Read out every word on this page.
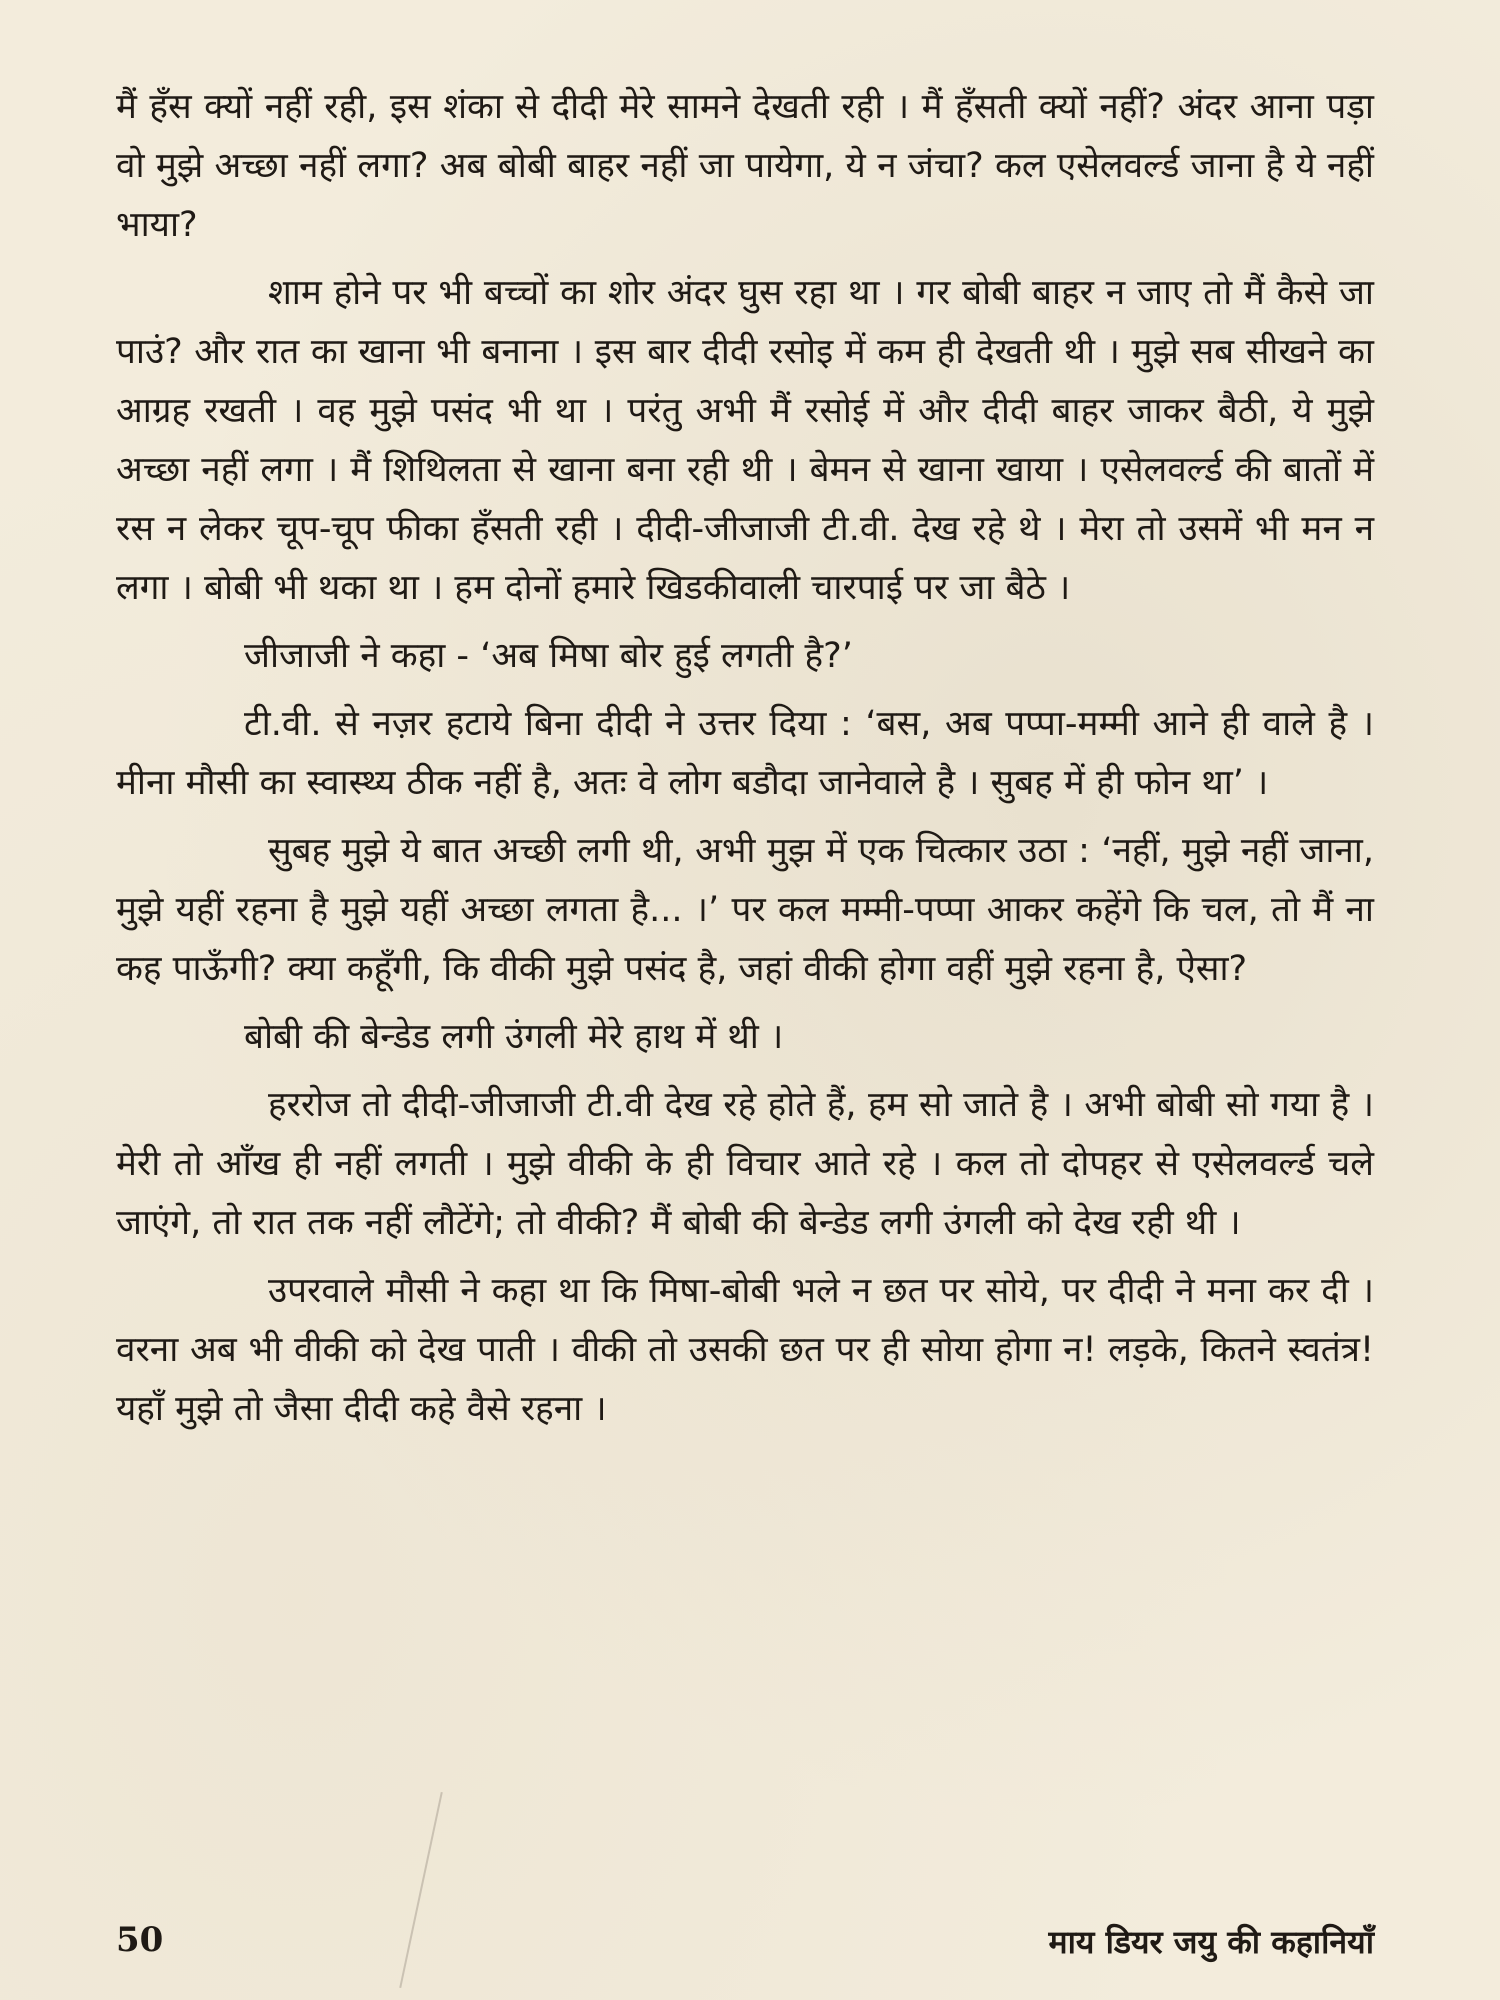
मैं हँस क्यों नहीं रही, इस शंका से दीदी मेरे सामने देखती रही । मैं हँसती क्यों नहीं? अंदर आना पड़ा वो मुझे अच्छा नहीं लगा? अब बोबी बाहर नहीं जा पायेगा, ये न जंचा? कल एसेलवर्ल्ड जाना है ये नहीं भाया?

शाम होने पर भी बच्चों का शोर अंदर घुस रहा था । गर बोबी बाहर न जाए तो मैं कैसे जा पाउं? और रात का खाना भी बनाना । इस बार दीदी रसोइ में कम ही देखती थी । मुझे सब सीखने का आग्रह रखती । वह मुझे पसंद भी था । परंतु अभी मैं रसोई में और दीदी बाहर जाकर बैठी, ये मुझे अच्छा नहीं लगा । मैं शिथिलता से खाना बना रही थी । बेमन से खाना खाया । एसेलवर्ल्ड की बातों में रस न लेकर चूप-चूप फीका हँसती रही । दीदी-जीजाजी टी.वी. देख रहे थे । मेरा तो उसमें भी मन न लगा । बोबी भी थका था । हम दोनों हमारे खिडकीवाली चारपाई पर जा बैठे ।

जीजाजी ने कहा - ‘अब मिषा बोर हुई लगती है?’

टी.वी. से नज़र हटाये बिना दीदी ने उत्तर दिया : ‘बस, अब पप्पा-मम्मी आने ही वाले है । मीना मौसी का स्वास्थ्य ठीक नहीं है, अतः वे लोग बडौदा जानेवाले है । सुबह में ही फोन था’ ।

सुबह मुझे ये बात अच्छी लगी थी, अभी मुझ में एक चित्कार उठा : ‘नहीं, मुझे नहीं जाना, मुझे यहीं रहना है मुझे यहीं अच्छा लगता है... ।’ पर कल मम्मी-पप्पा आकर कहेंगे कि चल, तो मैं ना कह पाऊँगी? क्या कहूँगी, कि वीकी मुझे पसंद है, जहां वीकी होगा वहीं मुझे रहना है, ऐसा?

बोबी की बेन्डेड लगी उंगली मेरे हाथ में थी ।

हररोज तो दीदी-जीजाजी टी.वी देख रहे होते हैं, हम सो जाते है । अभी बोबी सो गया है । मेरी तो आँख ही नहीं लगती । मुझे वीकी के ही विचार आते रहे । कल तो दोपहर से एसेलवर्ल्ड चले जाएंगे, तो रात तक नहीं लौटेंगे; तो वीकी? मैं बोबी की बेन्डेड लगी उंगली को देख रही थी ।

उपरवाले मौसी ने कहा था कि मिषा-बोबी भले न छत पर सोये, पर दीदी ने मना कर दी । वरना अब भी वीकी को देख पाती । वीकी तो उसकी छत पर ही सोया होगा न! लड़के, कितने स्वतंत्र! यहाँ मुझे तो जैसा दीदी कहे वैसे रहना ।

50	माय डियर जयु की कहानियाँ
